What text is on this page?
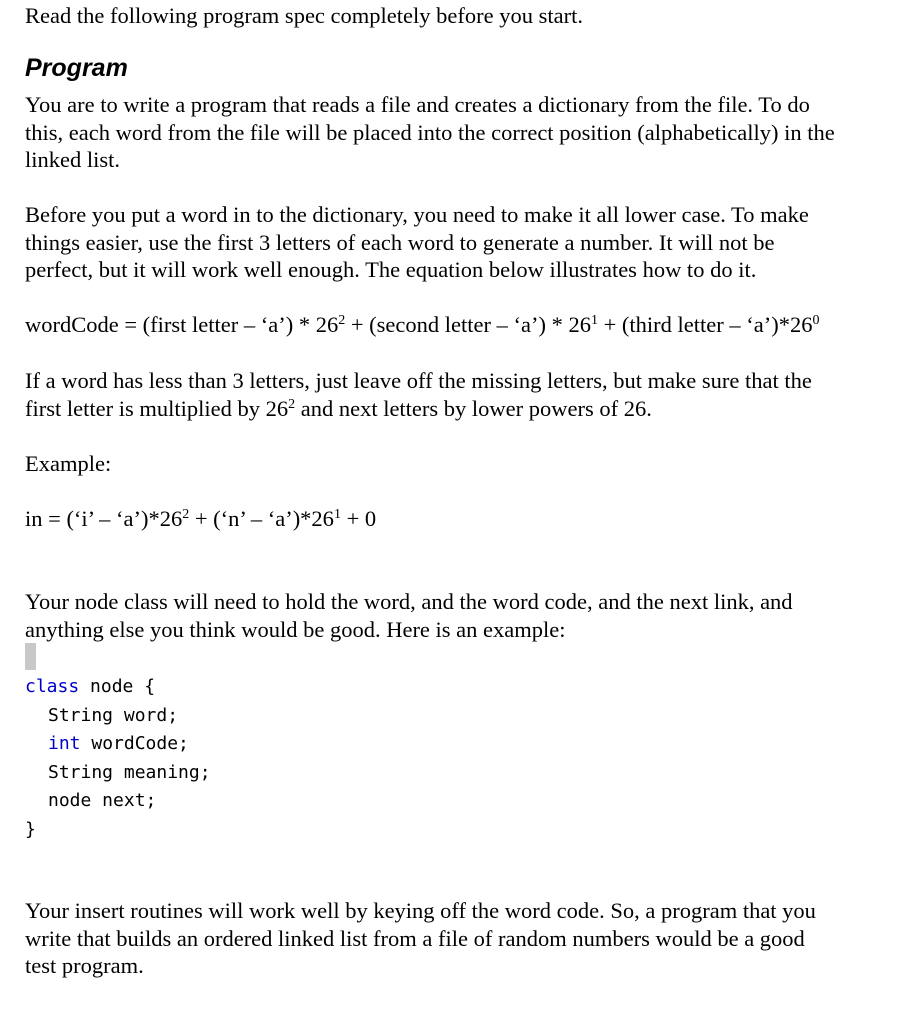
Read the following program spec completely before you start.

Program
You are to write a program that reads a file and creates a dictionary from the file. To do
this, each word from the file will be placed into the correct position (alphabetically) in the
linked list.
Before you put a word in to the dictionary, you need to make it all lower case. To make
things easier, use the first 3 letters of each word to generate a number. It will not be
perfect, but it will work well enough. The equation below illustrates how to do it.
wordCode = (first letter – ‘a’) * $26^2$ + (second letter – ‘a’) * $26^1$ + (third letter – ‘$a’)*26^0$
If a word has less than 3 letters, just leave off the missing letters, but make sure that the
first letter is multiplied by $26^2$ and next letters by lower powers of 26.
Example:
in = (‘i’ – ‘$a’)*26^2$ + (‘n’ – ‘$a’)*26^1 + 0$
Your node class will need to hold the word, and the word code, and the next link, and
anything else you think would be good. Here is an example:
class node {
String word;
int wordCode;
String meaning;
node next;
}
Your insert routines will work well by keying off the word code. So, a program that you
write that builds an ordered linked list from a file of random numbers would be a good
test program.
